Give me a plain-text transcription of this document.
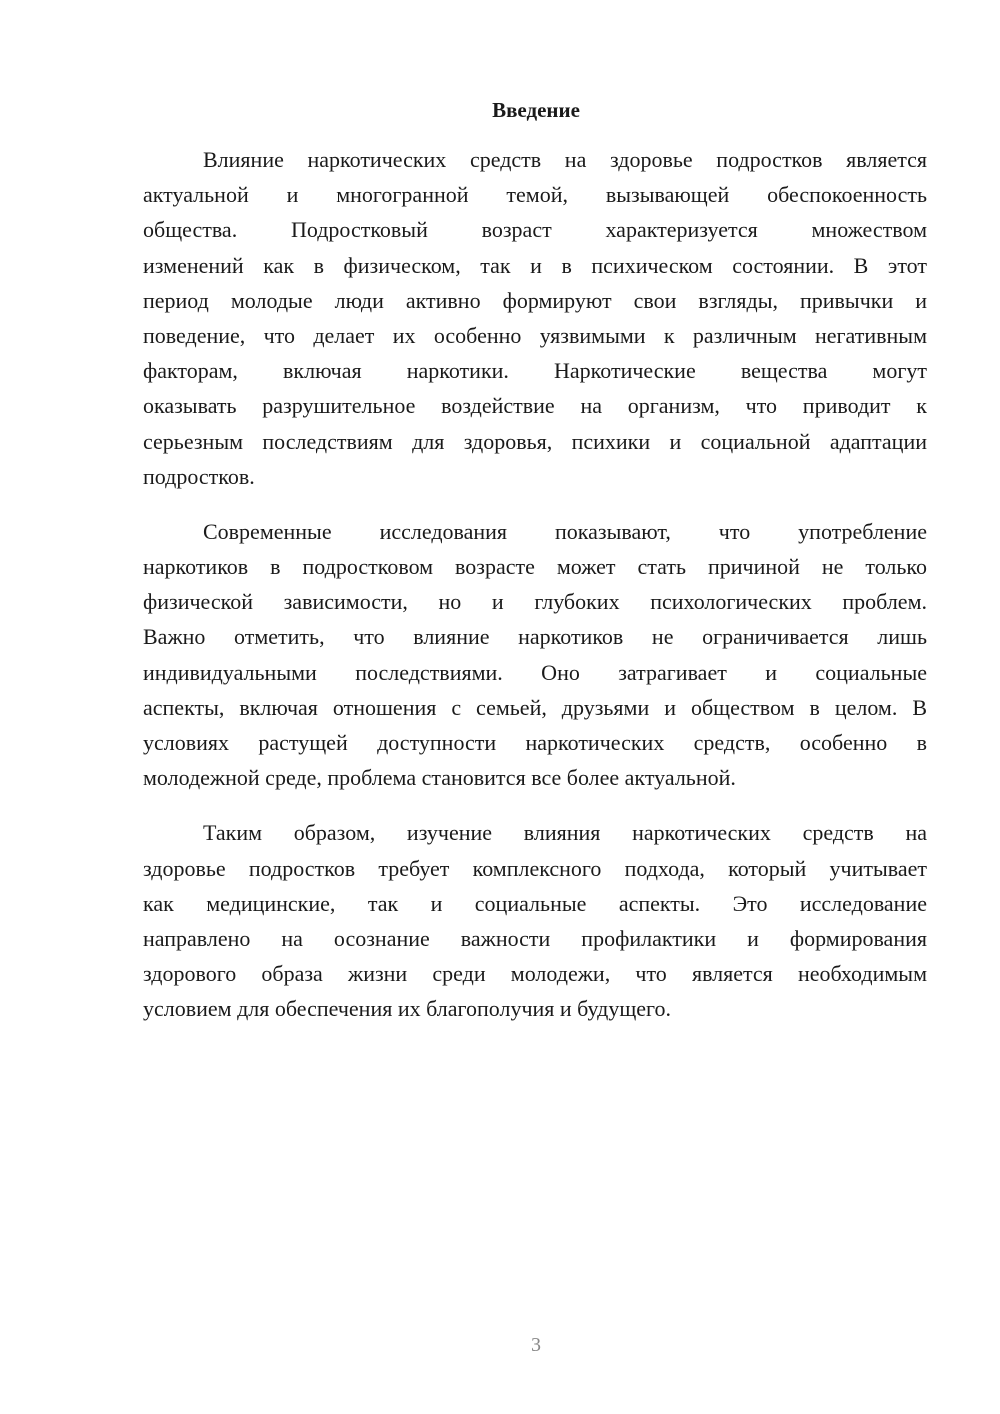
Введение
Влияние наркотических средств на здоровье подростков является
актуальной и многогранной темой, вызывающей обеспокоенность
общества. Подростковый возраст характеризуется множеством
изменений как в физическом, так и в психическом состоянии. В этот
период молодые люди активно формируют свои взгляды, привычки и
поведение, что делает их особенно уязвимыми к различным негативным
факторам, включая наркотики. Наркотические вещества могут
оказывать разрушительное воздействие на организм, что приводит к
серьезным последствиям для здоровья, психики и социальной адаптации
подростков.
Современные исследования показывают, что употребление
наркотиков в подростковом возрасте может стать причиной не только
физической зависимости, но и глубоких психологических проблем.
Важно отметить, что влияние наркотиков не ограничивается лишь
индивидуальными последствиями. Оно затрагивает и социальные
аспекты, включая отношения с семьей, друзьями и обществом в целом. В
условиях растущей доступности наркотических средств, особенно в
молодежной среде, проблема становится все более актуальной.
Таким образом, изучение влияния наркотических средств на
здоровье подростков требует комплексного подхода, который учитывает
как медицинские, так и социальные аспекты. Это исследование
направлено на осознание важности профилактики и формирования
здорового образа жизни среди молодежи, что является необходимым
условием для обеспечения их благополучия и будущего.
3
